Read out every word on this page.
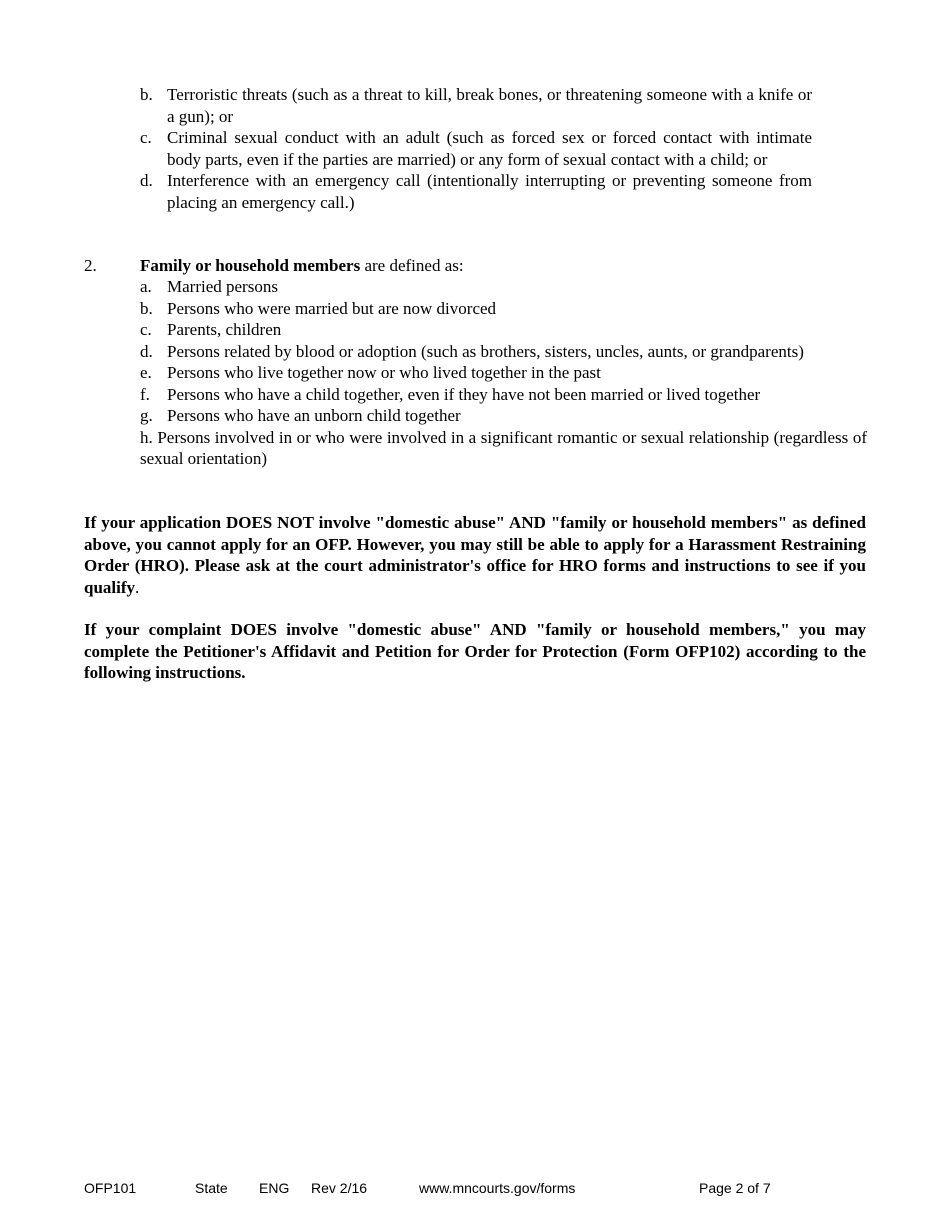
b. Terroristic threats (such as a threat to kill, break bones, or threatening someone with a knife or a gun); or
c. Criminal sexual conduct with an adult (such as forced sex or forced contact with intimate body parts, even if the parties are married) or any form of sexual contact with a child; or
d. Interference with an emergency call (intentionally interrupting or preventing someone from placing an emergency call.)
2.	Family or household members are defined as:
a. Married persons
b. Persons who were married but are now divorced
c. Parents, children
d. Persons related by blood or adoption (such as brothers, sisters, uncles, aunts, or grandparents)
e. Persons who live together now or who lived together in the past
f. Persons who have a child together, even if they have not been married or lived together
g. Persons who have an unborn child together
h. Persons involved in or who were involved in a significant romantic or sexual relationship (regardless of sexual orientation)
If your application DOES NOT involve "domestic abuse" AND "family or household members" as defined above, you cannot apply for an OFP. However, you may still be able to apply for a Harassment Restraining Order (HRO). Please ask at the court administrator's office for HRO forms and instructions to see if you qualify.
If your complaint DOES involve "domestic abuse" AND "family or household members," you may complete the Petitioner's Affidavit and Petition for Order for Protection (Form OFP102) according to the following instructions.
OFP101	State ENG Rev 2/16	www.mncourts.gov/forms	Page 2 of 7
